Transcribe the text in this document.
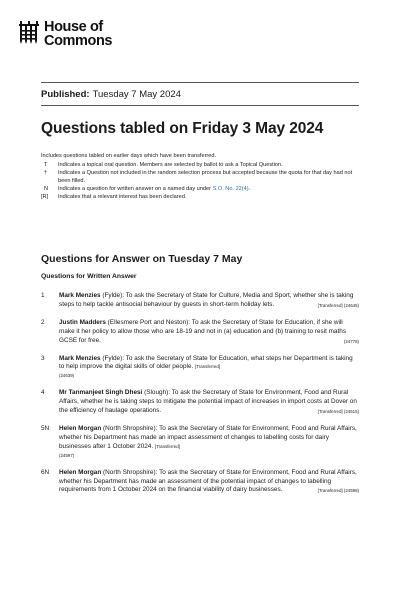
House of
Commons
Published: Tuesday 7 May 2024
Questions tabled on Friday 3 May 2024
Includes questions tabled on earlier days which have been transferred.
T	Indicates a topical oral question. Members are selected by ballot to ask a Topical Question.
†	Indicates a Question not included in the random selection process but accepted because the quota for that day had not been filled.
N	Indicates a question for written answer on a named day under S.O. No. 22(4).
[R]	Indicates that a relevant interest has been declared.
Questions for Answer on Tuesday 7 May
Questions for Written Answer
1	Mark Menzies (Fylde): To ask the Secretary of State for Culture, Media and Sport, whether she is taking steps to help tackle antisocial behaviour by guests in short-term holiday lets.	[Transferred] (24645)
2	Justin Madders (Ellesmere Port and Neston): To ask the Secretary of State for Education, if she will make it her policy to allow those who are 18-19 and not in (a) education and (b) training to resit maths GCSE for free.	(24778)
3	Mark Menzies (Fylde): To ask the Secretary of State for Education, what steps her Department is taking to help improve the digital skills of older people. [Transferred]
(24639)
4	Mr Tanmanjeet Singh Dhesi (Slough): To ask the Secretary of State for Environment, Food and Rural Affairs, whether he is taking steps to mitigate the potential impact of increases in import costs at Dover on the efficiency of haulage operations.	[Transferred] (24515)
5N	Helen Morgan (North Shropshire): To ask the Secretary of State for Environment, Food and Rural Affairs, whether his Department has made an impact assessment of changes to labelling costs for dairy businesses after 1 October 2024. [Transferred]
(24597)
6N	Helen Morgan (North Shropshire): To ask the Secretary of State for Environment, Food and Rural Affairs, whether his Department has made an assessment of the potential impact of changes to labelling requirements from 1 October 2024 on the financial viability of dairy businesses.	[Transferred] (24598)
